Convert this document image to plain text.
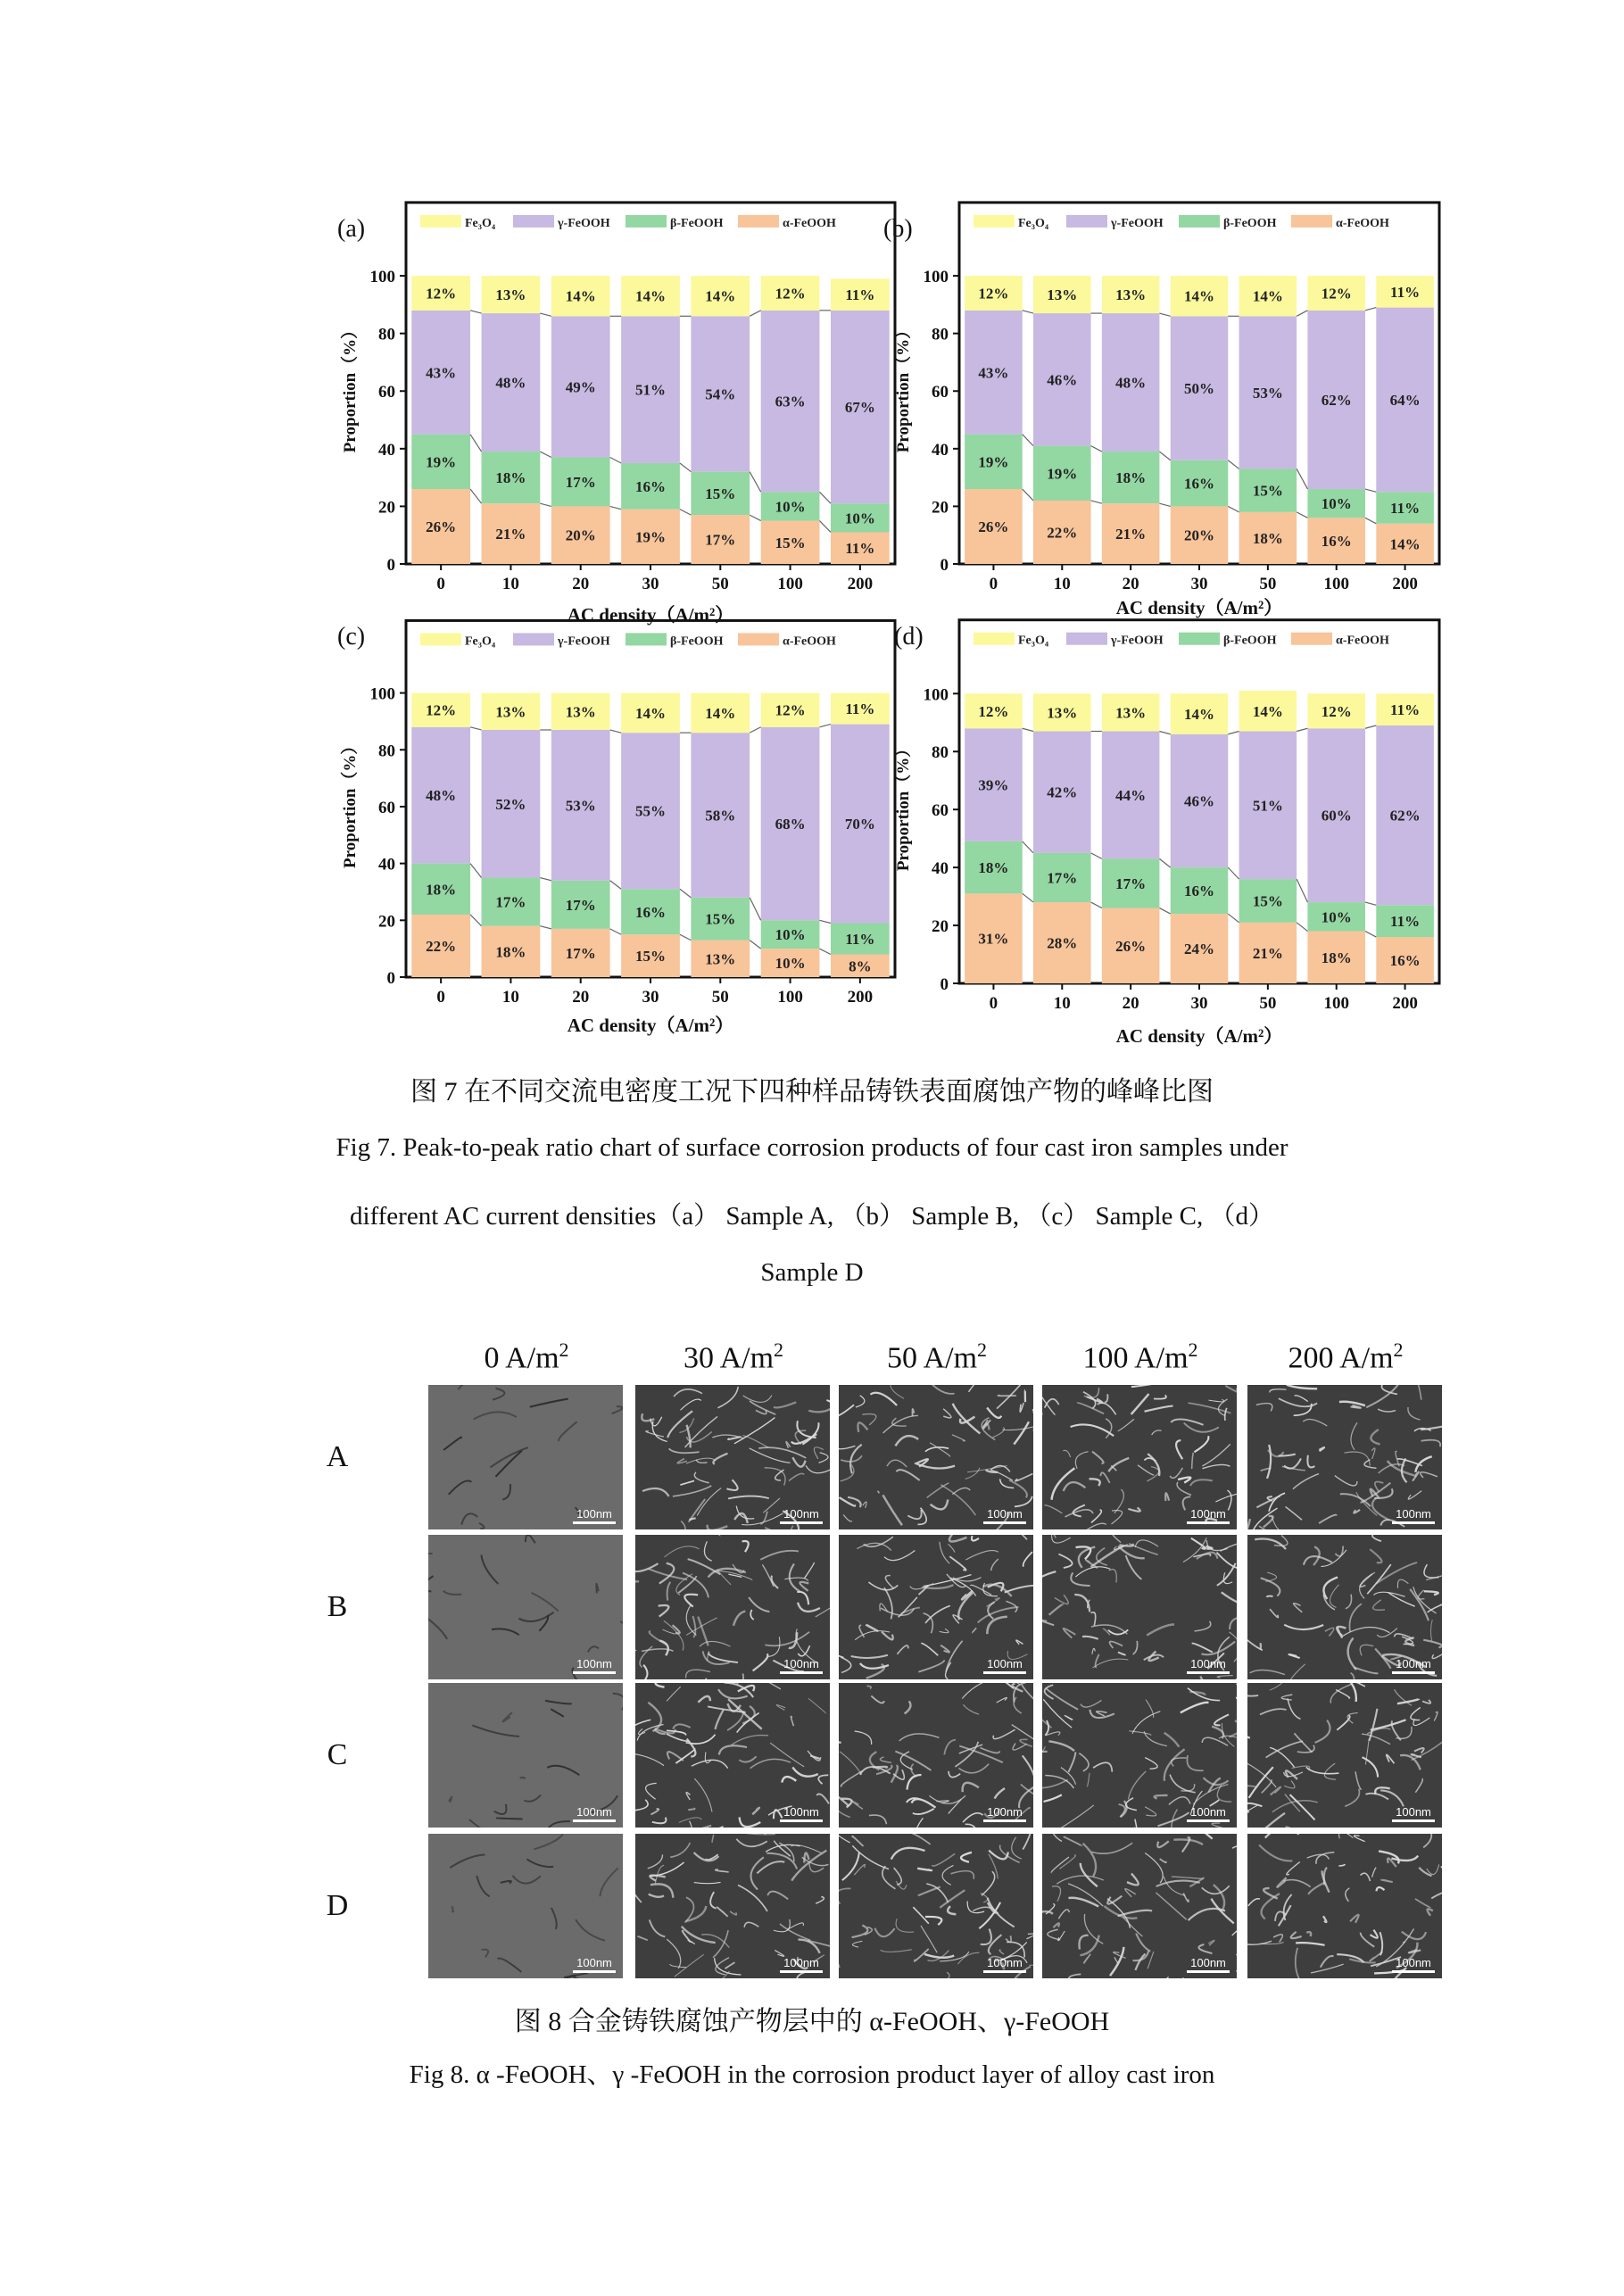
26%
19%
43%
12%
0
21%
18%
48%
13%
10
20%
17%
49%
14%
20
19%
16%
51%
14%
30
17%
15%
54%
14%
50
15%
10%
63%
12%
100
11%
10%
67%
11%
200
0
20
40
60
80
100
Proportion（%）
AC density（A/m²）
(a)	Fe₃O₄	γ-FeOOH	β-FeOOH	α-FeOOH
26%
19%
43%
12%
0
22%
19%
46%
13%
10
21%
18%
48%
13%
20
20%
16%
50%
14%
30
18%
15%
53%
14%
50
16%
10%
62%
12%
100
14%
11%
64%
11%
200
0
20
40
60
80
100
Proportion（%）
AC density（A/m²）
(b)	Fe₃O₄	γ-FeOOH	β-FeOOH	α-FeOOH
22%
18%
48%
12%
0
18%
17%
52%
13%
10
17%
17%
53%
13%
20
15%
16%
55%
14%
30
13%
15%
58%
14%
50
10%
10%
68%
12%
100
8%
11%
70%
11%
200
0
20
40
60
80
100
Proportion（%）
AC density（A/m²）
(c)	Fe₃O₄	γ-FeOOH	β-FeOOH	α-FeOOH
31%
18%
39%
12%
0
28%
17%
42%
13%
10
26%
17%
44%
13%
20
24%
16%
46%
14%
30
21%
15%
51%
14%
50
18%
10%
60%
12%
100
16%
11%
62%
11%
200
0
20
40
60
80
100
Proportion（%）
AC density（A/m²）
(d)	Fe₃O₄	γ-FeOOH	β-FeOOH	α-FeOOH
图 7 在不同交流电密度工况下四种样品铸铁表面腐蚀产物的峰峰比图
Fig 7. Peak-to-peak ratio chart of surface corrosion products of four cast iron samples under
different AC current densities（a） Sample A, （b） Sample B, （c） Sample C, （d）
Sample D
0 $A/m^2$	30 $A/m^2$	50 $A/m^2$	100 $A/m^2$	200 $A/m^2$
A
100nm	100nm	100nm	100nm	100nm
B
100nm	100nm	100nm	100nm	100nm
C
100nm	100nm	100nm	100nm	100nm
D
100nm	100nm	100nm	100nm	100nm
图 8 合金铸铁腐蚀产物层中的 α-FeOOH、γ-FeOOH
Fig 8. α -FeOOH、γ -FeOOH in the corrosion product layer of alloy cast iron
